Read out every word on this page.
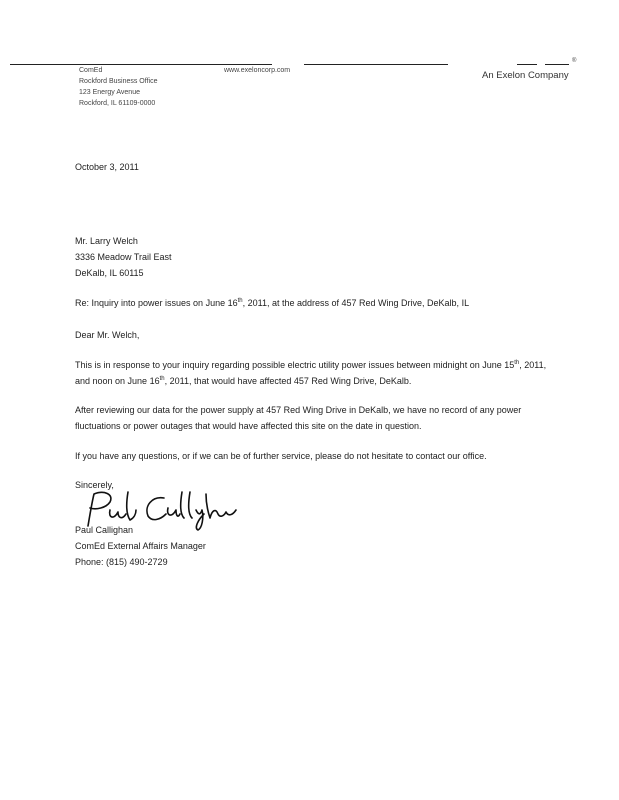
®
ComEd
Rockford Business Office
123 Energy Avenue
Rockford, IL 61109-0000
www.exeloncorp.com	An Exelon Company
October 3, 2011
Mr. Larry Welch
3336 Meadow Trail East
DeKalb, IL 60115
Re: Inquiry into power issues on June 16th, 2011, at the address of 457 Red Wing Drive, DeKalb, IL
Dear Mr. Welch,
This is in response to your inquiry regarding possible electric utility power issues between midnight on June 15th, 2011, and noon on June 16th, 2011, that would have affected 457 Red Wing Drive, DeKalb.
After reviewing our data for the power supply at 457 Red Wing Drive in DeKalb, we have no record of any power fluctuations or power outages that would have affected this site on the date in question.
If you have any questions, or if we can be of further service, please do not hesitate to contact our office.
Sincerely,
Paul Callighan
ComEd External Affairs Manager
Phone: (815) 490-2729
